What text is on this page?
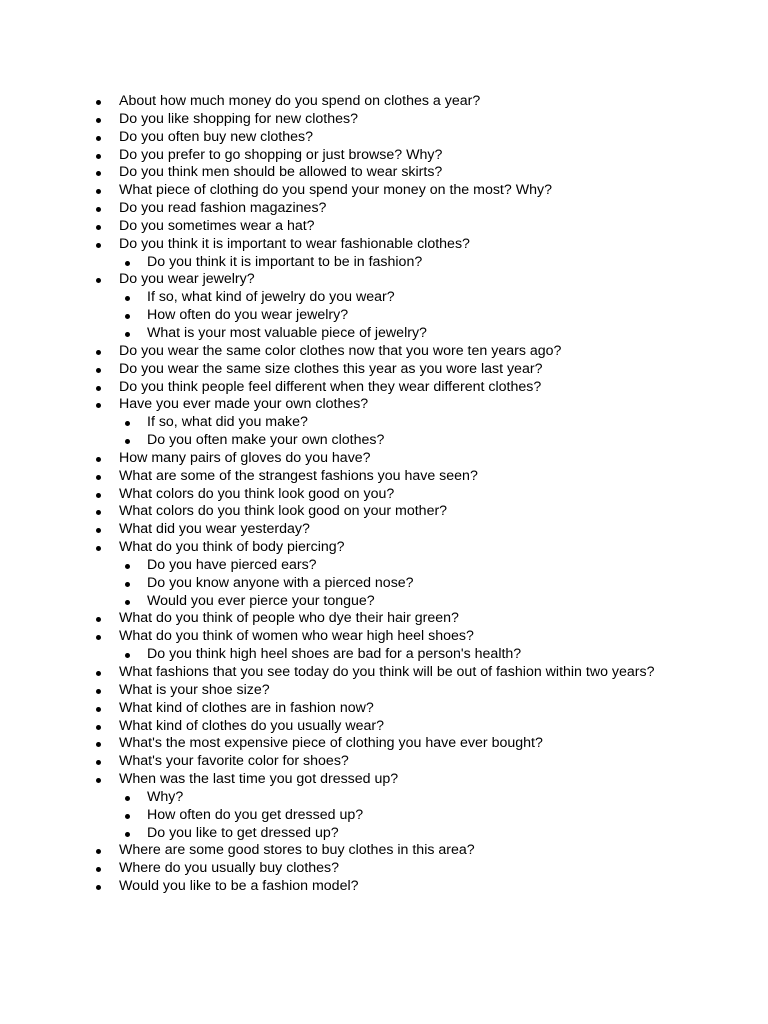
About how much money do you spend on clothes a year?
Do you like shopping for new clothes?
Do you often buy new clothes?
Do you prefer to go shopping or just browse? Why?
Do you think men should be allowed to wear skirts?
What piece of clothing do you spend your money on the most? Why?
Do you read fashion magazines?
Do you sometimes wear a hat?
Do you think it is important to wear fashionable clothes?
Do you think it is important to be in fashion?
Do you wear jewelry?
If so, what kind of jewelry do you wear?
How often do you wear jewelry?
What is your most valuable piece of jewelry?
Do you wear the same color clothes now that you wore ten years ago?
Do you wear the same size clothes this year as you wore last year?
Do you think people feel different when they wear different clothes?
Have you ever made your own clothes?
If so, what did you make?
Do you often make your own clothes?
How many pairs of gloves do you have?
What are some of the strangest fashions you have seen?
What colors do you think look good on you?
What colors do you think look good on your mother?
What did you wear yesterday?
What do you think of body piercing?
Do you have pierced ears?
Do you know anyone with a pierced nose?
Would you ever pierce your tongue?
What do you think of people who dye their hair green?
What do you think of women who wear high heel shoes?
Do you think high heel shoes are bad for a person's health?
What fashions that you see today do you think will be out of fashion within two years?
What is your shoe size?
What kind of clothes are in fashion now?
What kind of clothes do you usually wear?
What's the most expensive piece of clothing you have ever bought?
What's your favorite color for shoes?
When was the last time you got dressed up?
Why?
How often do you get dressed up?
Do you like to get dressed up?
Where are some good stores to buy clothes in this area?
Where do you usually buy clothes?
Would you like to be a fashion model?
